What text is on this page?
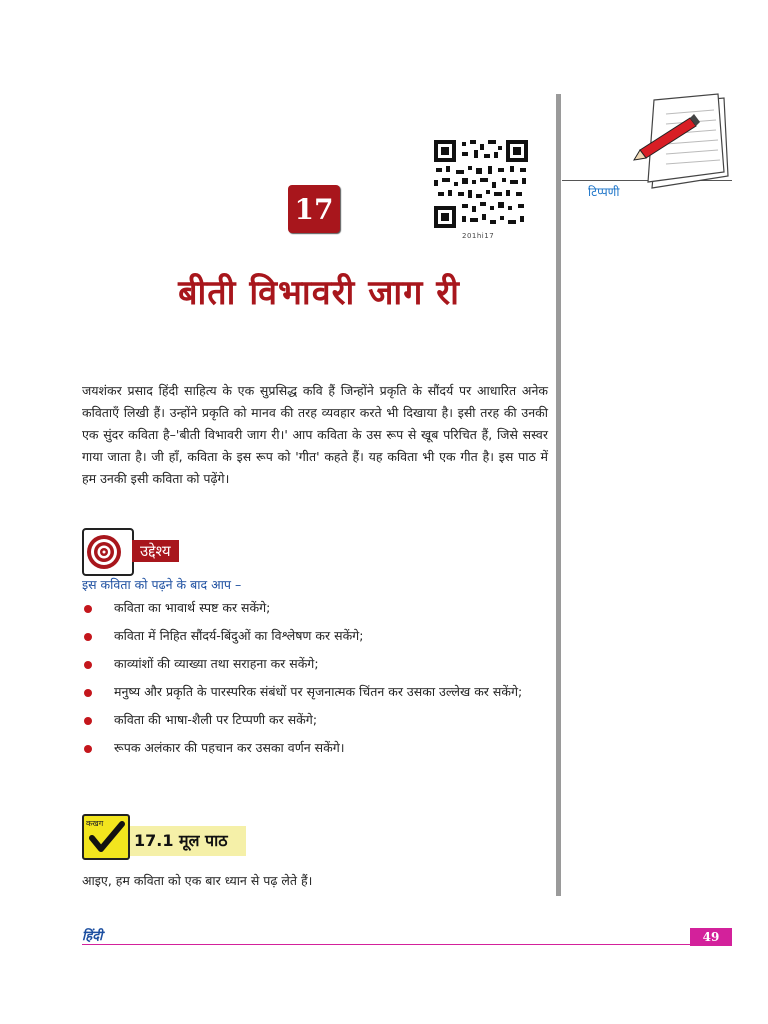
टिप्पणी
201hi17
17
बीती विभावरी जाग री
जयशंकर प्रसाद हिंदी साहित्य के एक सुप्रसिद्ध कवि हैं जिन्होंने प्रकृति के सौंदर्य पर आधारित अनेक कविताएँ लिखी हैं। उन्होंने प्रकृति को मानव की तरह व्यवहार करते भी दिखाया है। इसी तरह की उनकी एक सुंदर कविता है–'बीती विभावरी जाग री।' आप कविता के उस रूप से खूब परिचित हैं, जिसे सस्वर गाया जाता है। जी हाँ, कविता के इस रूप को 'गीत' कहते हैं। यह कविता भी एक गीत है। इस पाठ में हम उनकी इसी कविता को पढ़ेंगे।
उद्देश्य
इस कविता को पढ़ने के बाद आप –
कविता का भावार्थ स्पष्ट कर सकेंगे;
कविता में निहित सौंदर्य-बिंदुओं का विश्लेषण कर सकेंगे;
काव्यांशों की व्याख्या तथा सराहना कर सकेंगे;
मनुष्य और प्रकृति के पारस्परिक संबंधों पर सृजनात्मक चिंतन कर उसका उल्लेख कर सकेंगे;
कविता की भाषा-शैली पर टिप्पणी कर सकेंगे;
रूपक अलंकार की पहचान कर उसका वर्णन सकेंगे।
कखग
17.1 मूल पाठ
आइए, हम कविता को एक बार ध्यान से पढ़ लेते हैं।
हिंदी	49
